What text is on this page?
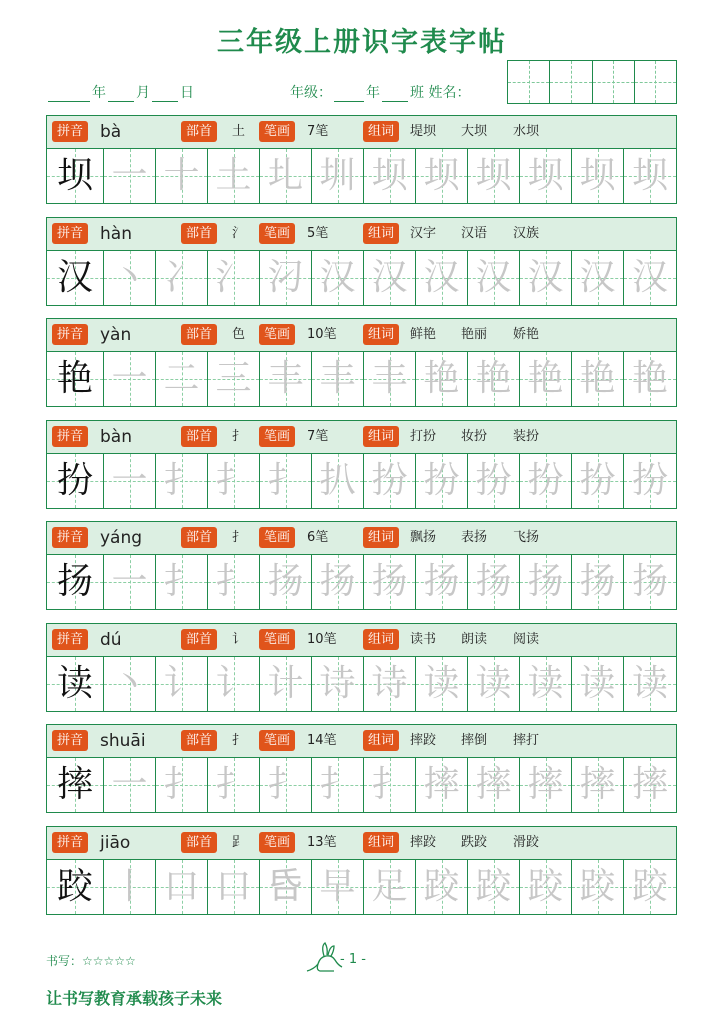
三年级上册识字表字帖
年 月 日	年级： 年 班 姓名：
拼音 bà	部首	土	笔画	7笔	组词	堤坝 大坝 水坝
坝 一 十 土 圠 圳 坝 坝 坝 坝 坝 坝
拼音 hàn	部首	氵	笔画	5笔	组词	汉字 汉语 汉族
汉 丶 冫 氵 汈 汉 汉 汉 汉 汉 汉 汉
拼音 yàn	部首	色	笔画	10笔	组词	鲜艳 艳丽 娇艳
艳 一 二 三 丰 丰 丰 艳 艳 艳 艳 艳
拼音 bàn	部首	扌	笔画	7笔	组词	打扮 妆扮 装扮
扮 一 扌 扌 扌 扒 扮 扮 扮 扮 扮 扮
拼音 yáng	部首	扌	笔画	6笔	组词	飘扬 表扬 飞扬
扬 一 扌 扌 扬 扬 扬 扬 扬 扬 扬 扬
拼音 dú	部首	讠	笔画	10笔	组词	读书 朗读 阅读
读 丶 讠 讠 计 诗 诗 读 读 读 读 读
拼音 shuāi	部首	扌	笔画	14笔	组词	摔跤 摔倒 摔打
摔 一 扌 扌 扌 扌 扌 摔 摔 摔 摔 摔
拼音 jiāo	部首	𧾷	笔画	13笔	组词	摔跤 跌跤 滑跤
跤 丨 口 口 𠯑 早 足 跤 跤 跤 跤 跤
书写：☆☆☆☆☆	- 1 -
让书写教育承载孩子未来
